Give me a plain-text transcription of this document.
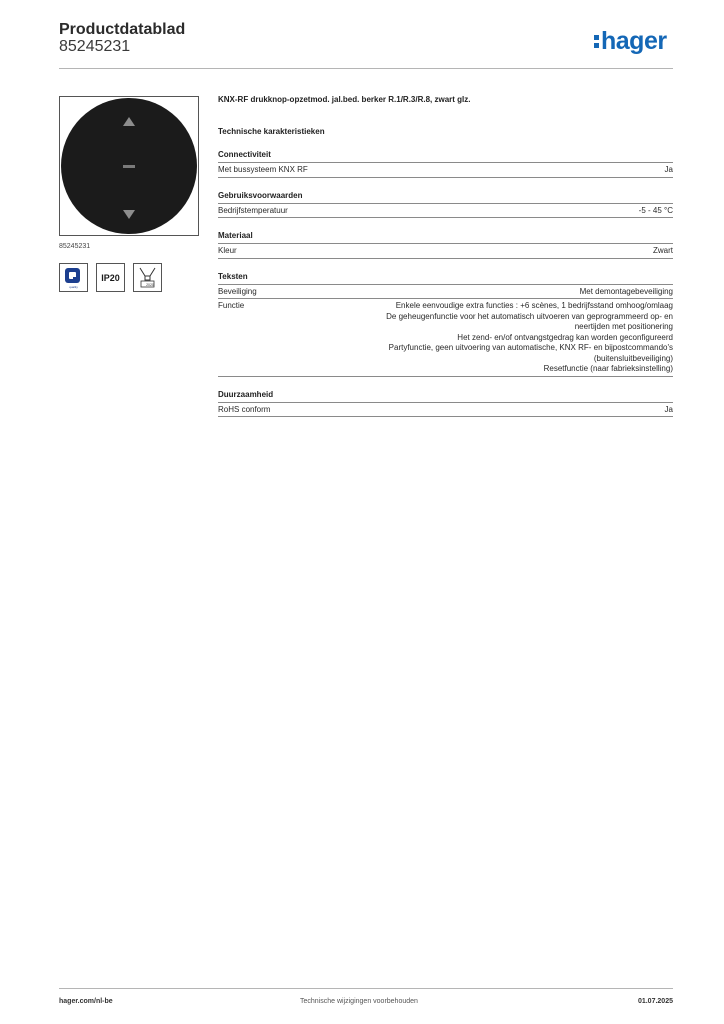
Productdatablad
85245231	hager
85245231
quality
IP20
2020
KNX-RF drukknop-opzetmod. jal.bed. berker R.1/R.3/R.8, zwart glz.
Technische karakteristieken
Connectiviteit
Met bussysteem KNX RF	Ja
Gebruiksvoorwaarden
Bedrijfstemperatuur	-5 - 45 °C
Materiaal
Kleur	Zwart
Teksten
Beveiliging	Met demontagebeveiliging
Functie	Enkele eenvoudige extra functies : +6 scènes, 1 bedrijfsstand omhoog/omlaag
De geheugenfunctie voor het automatisch uitvoeren van geprogrammeerd op- en
neertijden met positionering
Het zend- en/of ontvangstgedrag kan worden geconfigureerd
Partyfunctie, geen uitvoering van automatische, KNX RF- en bijpostcommando's
(buitensluitbeveiliging)
Resetfunctie (naar fabrieksinstelling)
Duurzaamheid
RoHS conform	Ja
hager.com/nl-be	Technische wijzigingen voorbehouden	01.07.2025
